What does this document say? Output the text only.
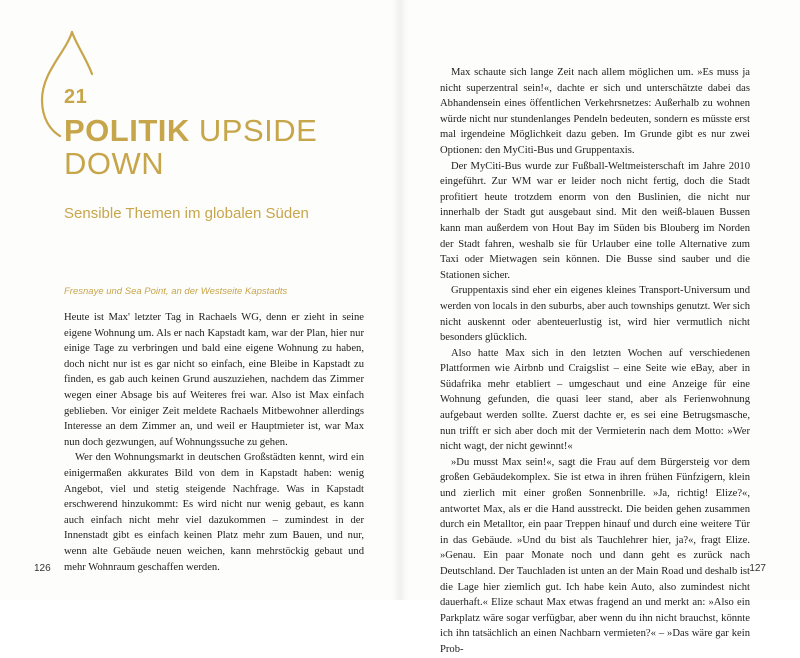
21
POLITIK UPSIDE DOWN
Sensible Themen im globalen Süden
Fresnaye und Sea Point, an der Westseite Kapstadts

Heute ist Max' letzter Tag in Rachaels WG, denn er zieht in seine eigene Wohnung um. Als er nach Kapstadt kam, war der Plan, hier nur einige Tage zu verbringen und bald eine eigene Wohnung zu haben, doch nicht nur ist es gar nicht so einfach, eine Bleibe in Kapstadt zu finden, es gab auch keinen Grund auszuziehen, nachdem das Zimmer wegen einer Absage bis auf Weiteres frei war. Also ist Max einfach geblieben. Vor einiger Zeit meldete Rachaels Mitbewohner allerdings Interesse an dem Zimmer an, und weil er Hauptmieter ist, war Max nun doch gezwungen, auf Wohnungssuche zu gehen.

Wer den Wohnungsmarkt in deutschen Großstädten kennt, wird ein einigermaßen akkurates Bild von dem in Kapstadt haben: wenig Angebot, viel und stetig steigende Nachfrage. Was in Kapstadt erschwerend hinzukommt: Es wird nicht nur wenig gebaut, es kann auch einfach nicht mehr viel dazukommen – zumindest in der Innenstadt gibt es einfach keinen Platz mehr zum Bauen, und nur, wenn alte Gebäude neuen weichen, kann mehrstöckig gebaut und mehr Wohnraum geschaffen werden.

126

Max schaute sich lange Zeit nach allem möglichen um. »Es muss ja nicht superzentral sein!«, dachte er sich und unterschätzte dabei das Abhandensein eines öffentlichen Verkehrsnetzes: Außerhalb zu wohnen würde nicht nur stundenlanges Pendeln bedeuten, sondern es müsste erst mal irgendeine Möglichkeit dazu geben. Im Grunde gibt es nur zwei Optionen: den MyCiti-Bus und Gruppentaxis.

Der MyCiti-Bus wurde zur Fußball-Weltmeisterschaft im Jahre 2010 eingeführt. Zur WM war er leider noch nicht fertig, doch die Stadt profitiert heute trotzdem enorm von den Buslinien, die nicht nur innerhalb der Stadt gut ausgebaut sind. Mit den weiß-blauen Bussen kann man außerdem von Hout Bay im Süden bis Blouberg im Norden der Stadt fahren, weshalb sie für Urlauber eine tolle Alternative zum Taxi oder Mietwagen sein können. Die Busse sind sauber und die Stationen sicher.

Gruppentaxis sind eher ein eigenes kleines Transport-Universum und werden von locals in den suburbs, aber auch townships genutzt. Wer sich nicht auskennt oder abenteuerlustig ist, wird hier vermutlich nicht besonders glücklich.

Also hatte Max sich in den letzten Wochen auf verschiedenen Plattformen wie Airbnb und Craigslist – eine Seite wie eBay, aber in Südafrika mehr etabliert – umgeschaut und eine Anzeige für eine Wohnung gefunden, die quasi leer stand, aber als Ferienwohnung aufgebaut werden sollte. Zuerst dachte er, es sei eine Betrugsmasche, nun trifft er sich aber doch mit der Vermieterin nach dem Motto: »Wer nicht wagt, der nicht gewinnt!«

»Du musst Max sein!«, sagt die Frau auf dem Bürgersteig vor dem großen Gebäudekomplex. Sie ist etwa in ihren frühen Fünfzigern, klein und zierlich mit einer großen Sonnenbrille. »Ja, richtig! Elize?«, antwortet Max, als er die Hand ausstreckt. Die beiden gehen zusammen durch ein Metalltor, ein paar Treppen hinauf und durch eine weitere Tür in das Gebäude. »Und du bist als Tauchlehrer hier, ja?«, fragt Elize. »Genau. Ein paar Monate noch und dann geht es zurück nach Deutschland. Der Tauchladen ist unten an der Main Road und deshalb ist die Lage hier ziemlich gut. Ich habe kein Auto, also zumindest nicht dauerhaft.« Elize schaut Max etwas fragend an und merkt an: »Also ein Parkplatz wäre sogar verfügbar, aber wenn du ihn nicht brauchst, könnte ich ihn tatsächlich an einen Nachbarn vermieten?« – »Das wäre gar kein Prob-

127
